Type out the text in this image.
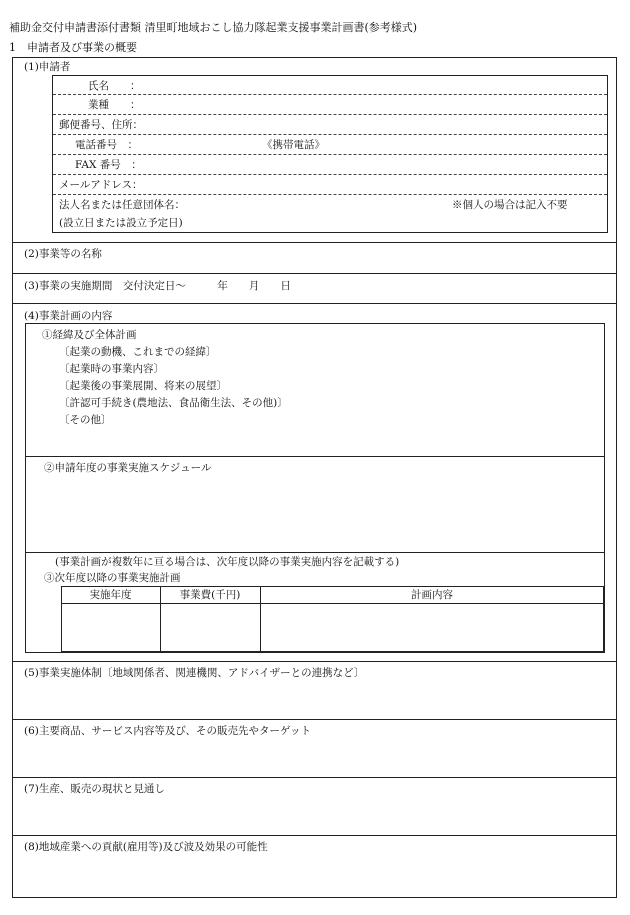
補助金交付申請書添付書類 清里町地域おこし協力隊起業支援事業計画書(参考様式)
1　申請者及び事業の概要
(1)申請者
氏名　　：
業種　　：
郵便番号、住所：
電話番号　：	《携帯電話》
FAX 番号　：
メールアドレス：
法人名または任意団体名：	※個人の場合は記入不要
(設立日または設立予定日)
(2)事業等の名称
(3)事業の実施期間　交付決定日〜　　　年　　月　　日
(4)事業計画の内容
①経緯及び全体計画
〔起業の動機、これまでの経緯〕
〔起業時の事業内容〕
〔起業後の事業展開、将来の展望〕
〔許認可手続き(農地法、食品衛生法、その他)〕
〔その他〕
②申請年度の事業実施スケジュール
(事業計画が複数年に亘る場合は、次年度以降の事業実施内容を記載する)
③次年度以降の事業実施計画
実施年度	事業費(千円)	計画内容
(5)事業実施体制〔地域関係者、関連機関、アドバイザーとの連携など〕
(6)主要商品、サービス内容等及び、その販売先やターゲット
(7)生産、販売の現状と見通し
(8)地域産業への貢献(雇用等)及び波及効果の可能性
